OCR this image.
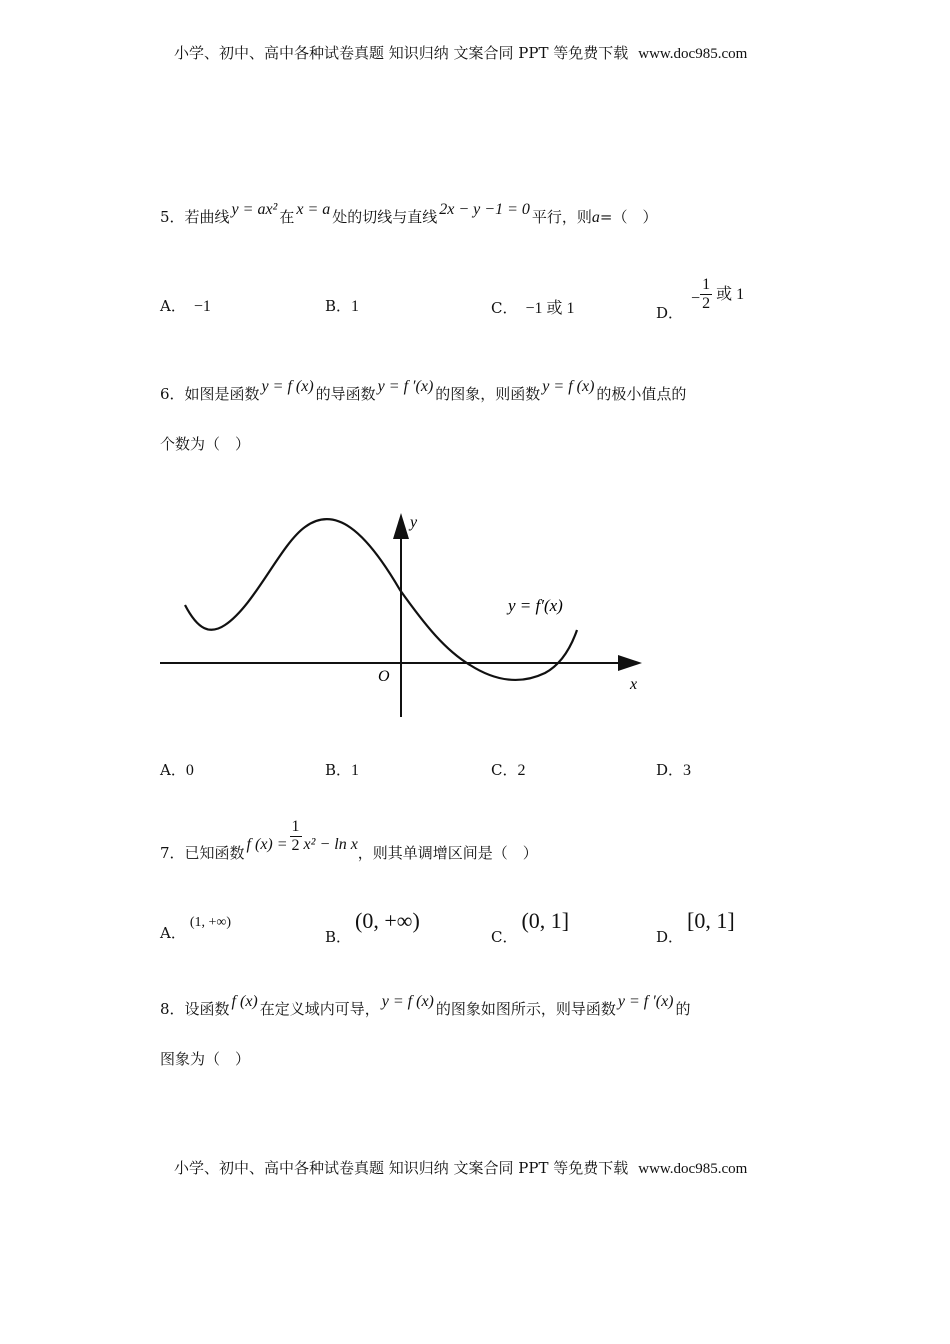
小学、初中、高中各种试卷真题 知识归纳 文案合同 PPT 等免费下载 www.doc985.com
5．若曲线 y = ax² 在 x = a 处的切线与直线 2x − y −1 = 0 平行，则a=（　）
A． −1	B．1	C． −1 或 1	D．− $\frac{1}{2}$ 或 1
6．如图是函数 y = f (x) 的导函数 y = f ′(x) 的图象，则函数 y = f (x) 的极小值点的
个数为（　）
y
x
O
y = f′(x)
A．0	B．1	C．2	D．3
7．已知函数 f $(x) = \frac{1}{2} x^2 - \ln x$，则其单调增区间是（　）
A．(1, +∞)
B．(0, +∞)
C．(0, 1]
D．[0, 1]
8．设函数 f (x) 在定义域内可导， y = f (x) 的图象如图所示，则导函数 y = f ′(x) 的
图象为（　）
小学、初中、高中各种试卷真题 知识归纳 文案合同 PPT 等免费下载 www.doc985.com
